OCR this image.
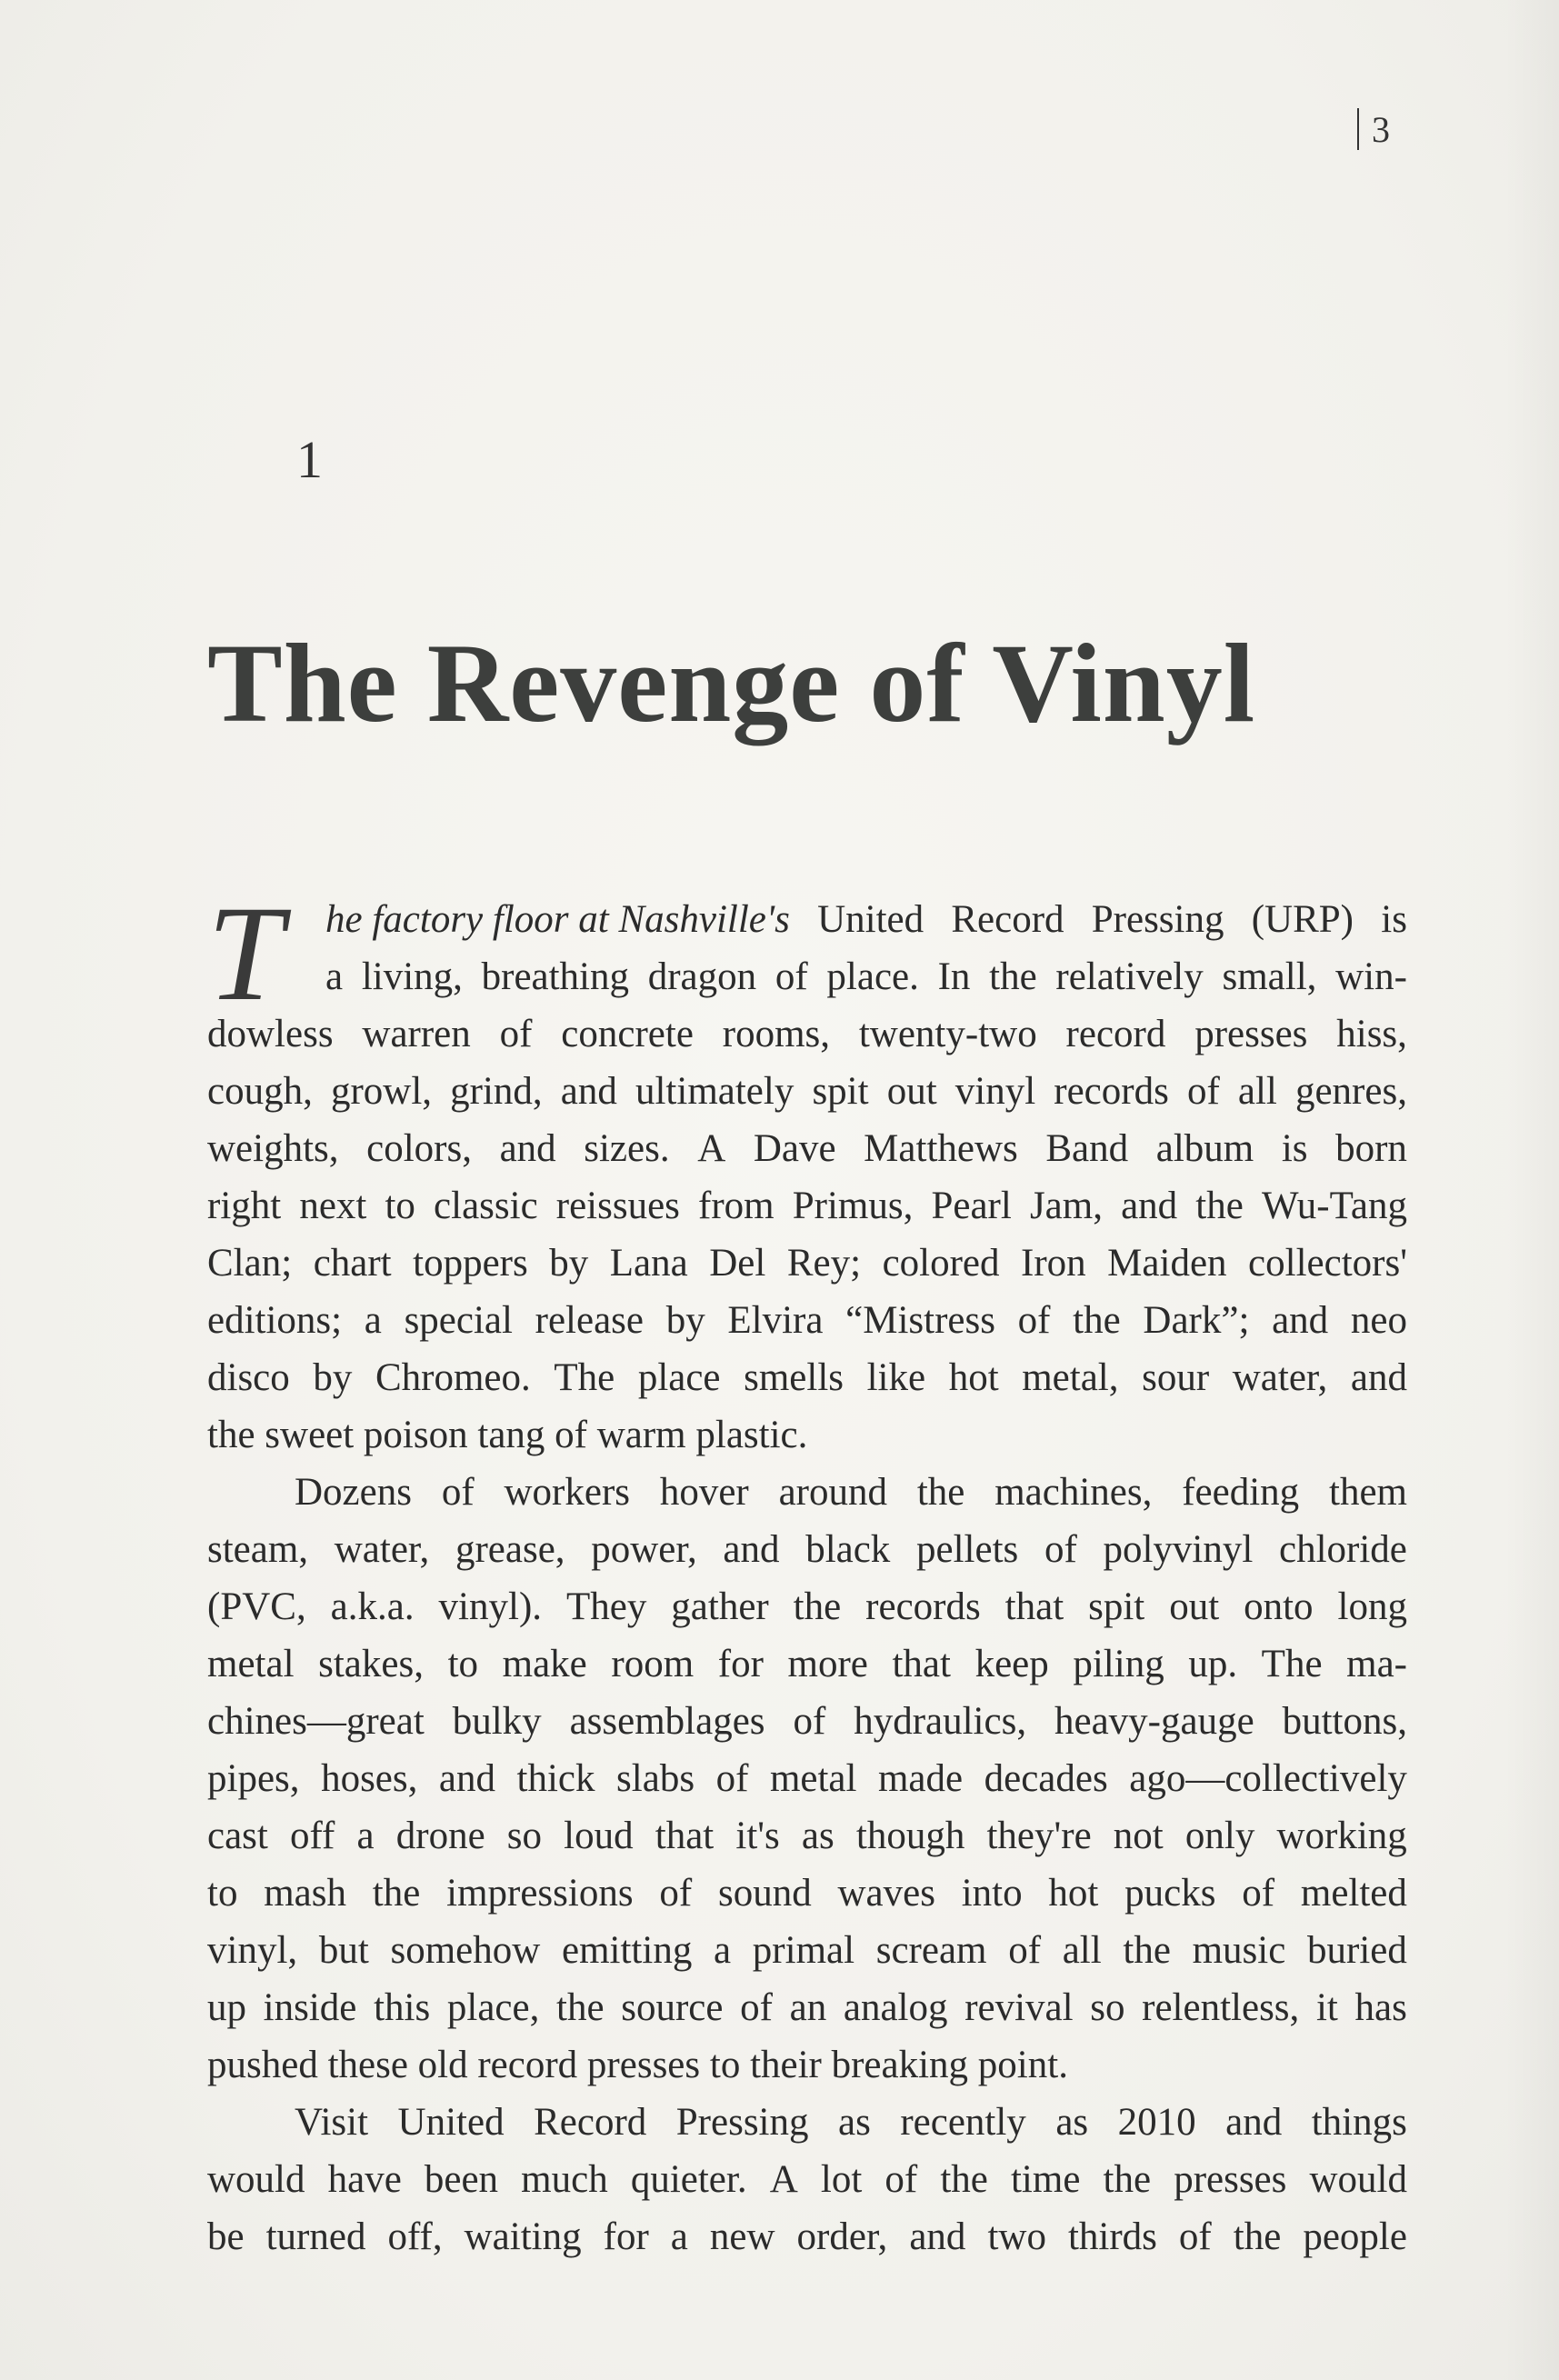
3
1
The Revenge of Vinyl
T he factory floor at Nashville's United Record Pressing (URP) is
a living, breathing dragon of place. In the relatively small, win-
dowless warren of concrete rooms, twenty-two record presses hiss,
cough, growl, grind, and ultimately spit out vinyl records of all genres,
weights, colors, and sizes. A Dave Matthews Band album is born
right next to classic reissues from Primus, Pearl Jam, and the Wu-Tang
Clan; chart toppers by Lana Del Rey; colored Iron Maiden collectors'
editions; a special release by Elvira “Mistress of the Dark”; and neo
disco by Chromeo. The place smells like hot metal, sour water, and
the sweet poison tang of warm plastic.
Dozens of workers hover around the machines, feeding them
steam, water, grease, power, and black pellets of polyvinyl chloride
(PVC, a.k.a. vinyl). They gather the records that spit out onto long
metal stakes, to make room for more that keep piling up. The ma-
chines—great bulky assemblages of hydraulics, heavy-gauge buttons,
pipes, hoses, and thick slabs of metal made decades ago—collectively
cast off a drone so loud that it's as though they're not only working
to mash the impressions of sound waves into hot pucks of melted
vinyl, but somehow emitting a primal scream of all the music buried
up inside this place, the source of an analog revival so relentless, it has
pushed these old record presses to their breaking point.
Visit United Record Pressing as recently as 2010 and things
would have been much quieter. A lot of the time the presses would
be turned off, waiting for a new order, and two thirds of the people
